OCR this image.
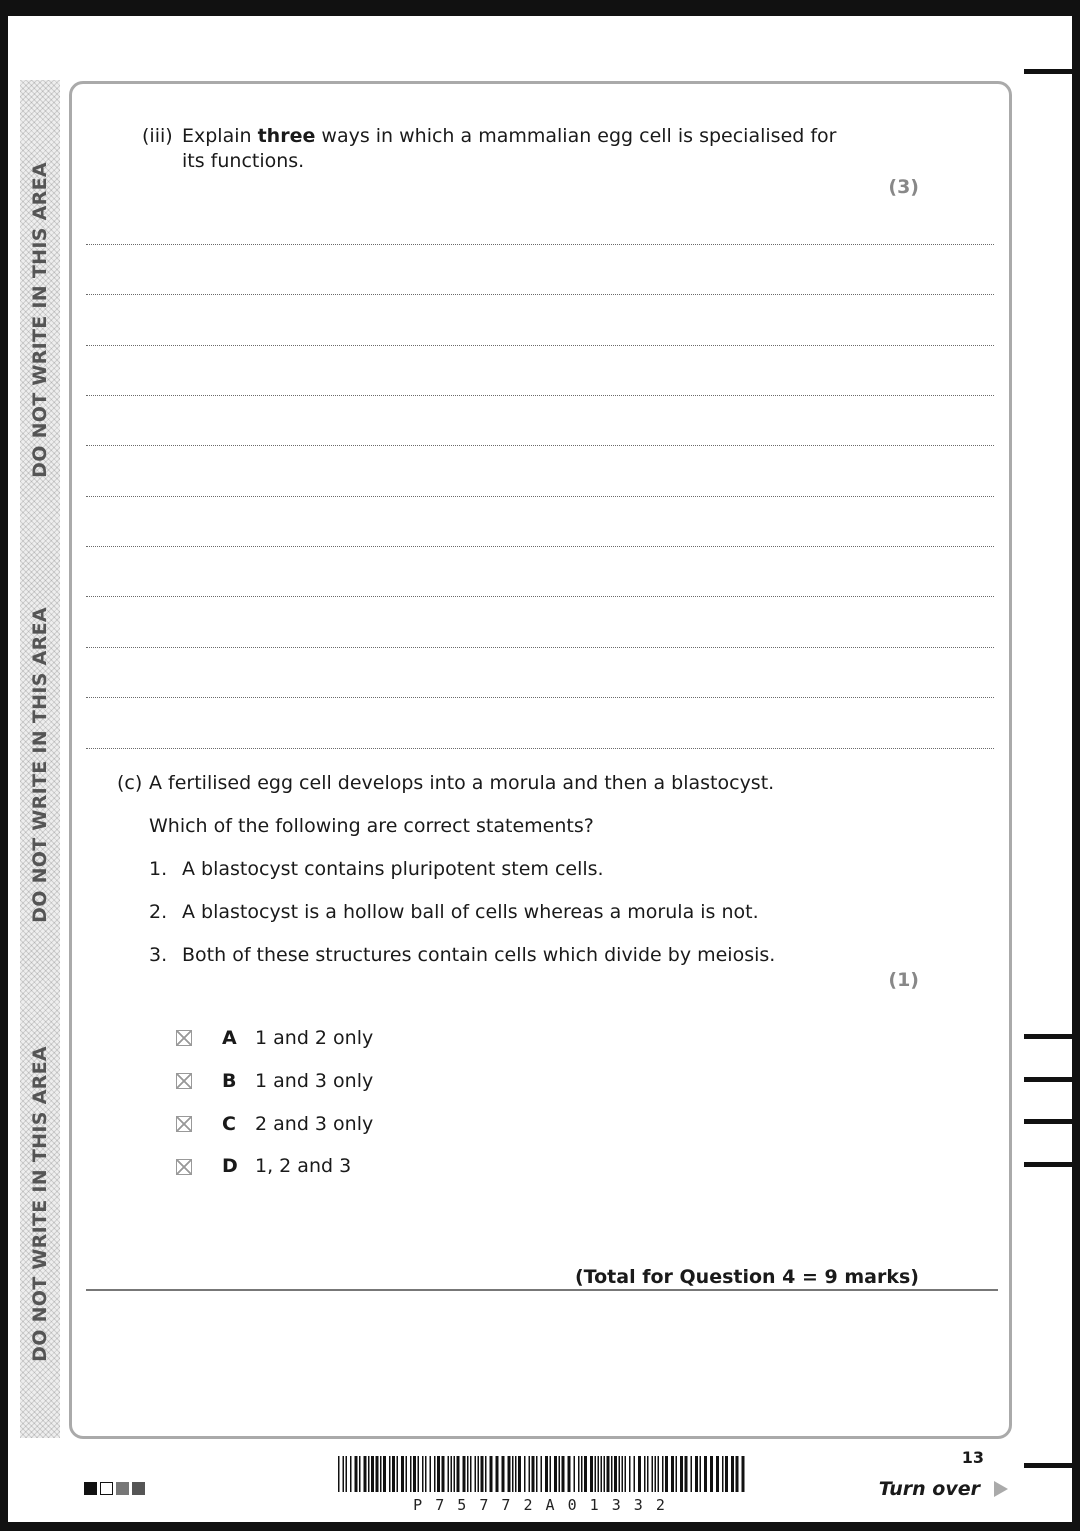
DO NOT WRITE IN THIS AREA
DO NOT WRITE IN THIS AREA
DO NOT WRITE IN THIS AREA
(iii) Explain three ways in which a mammalian egg cell is specialised for
its functions.
(3)
(c) A fertilised egg cell develops into a morula and then a blastocyst.
Which of the following are correct statements?
1. A blastocyst contains pluripotent stem cells.
2. A blastocyst is a hollow ball of cells whereas a morula is not.
3. Both of these structures contain cells which divide by meiosis.
(1)
A 1 and 2 only
B 1 and 3 only
C 2 and 3 only
D 1, 2 and 3
(Total for Question 4 = 9 marks)
P 7 5 7 7 2 A 0 1 3 3 2
13
Turn over
